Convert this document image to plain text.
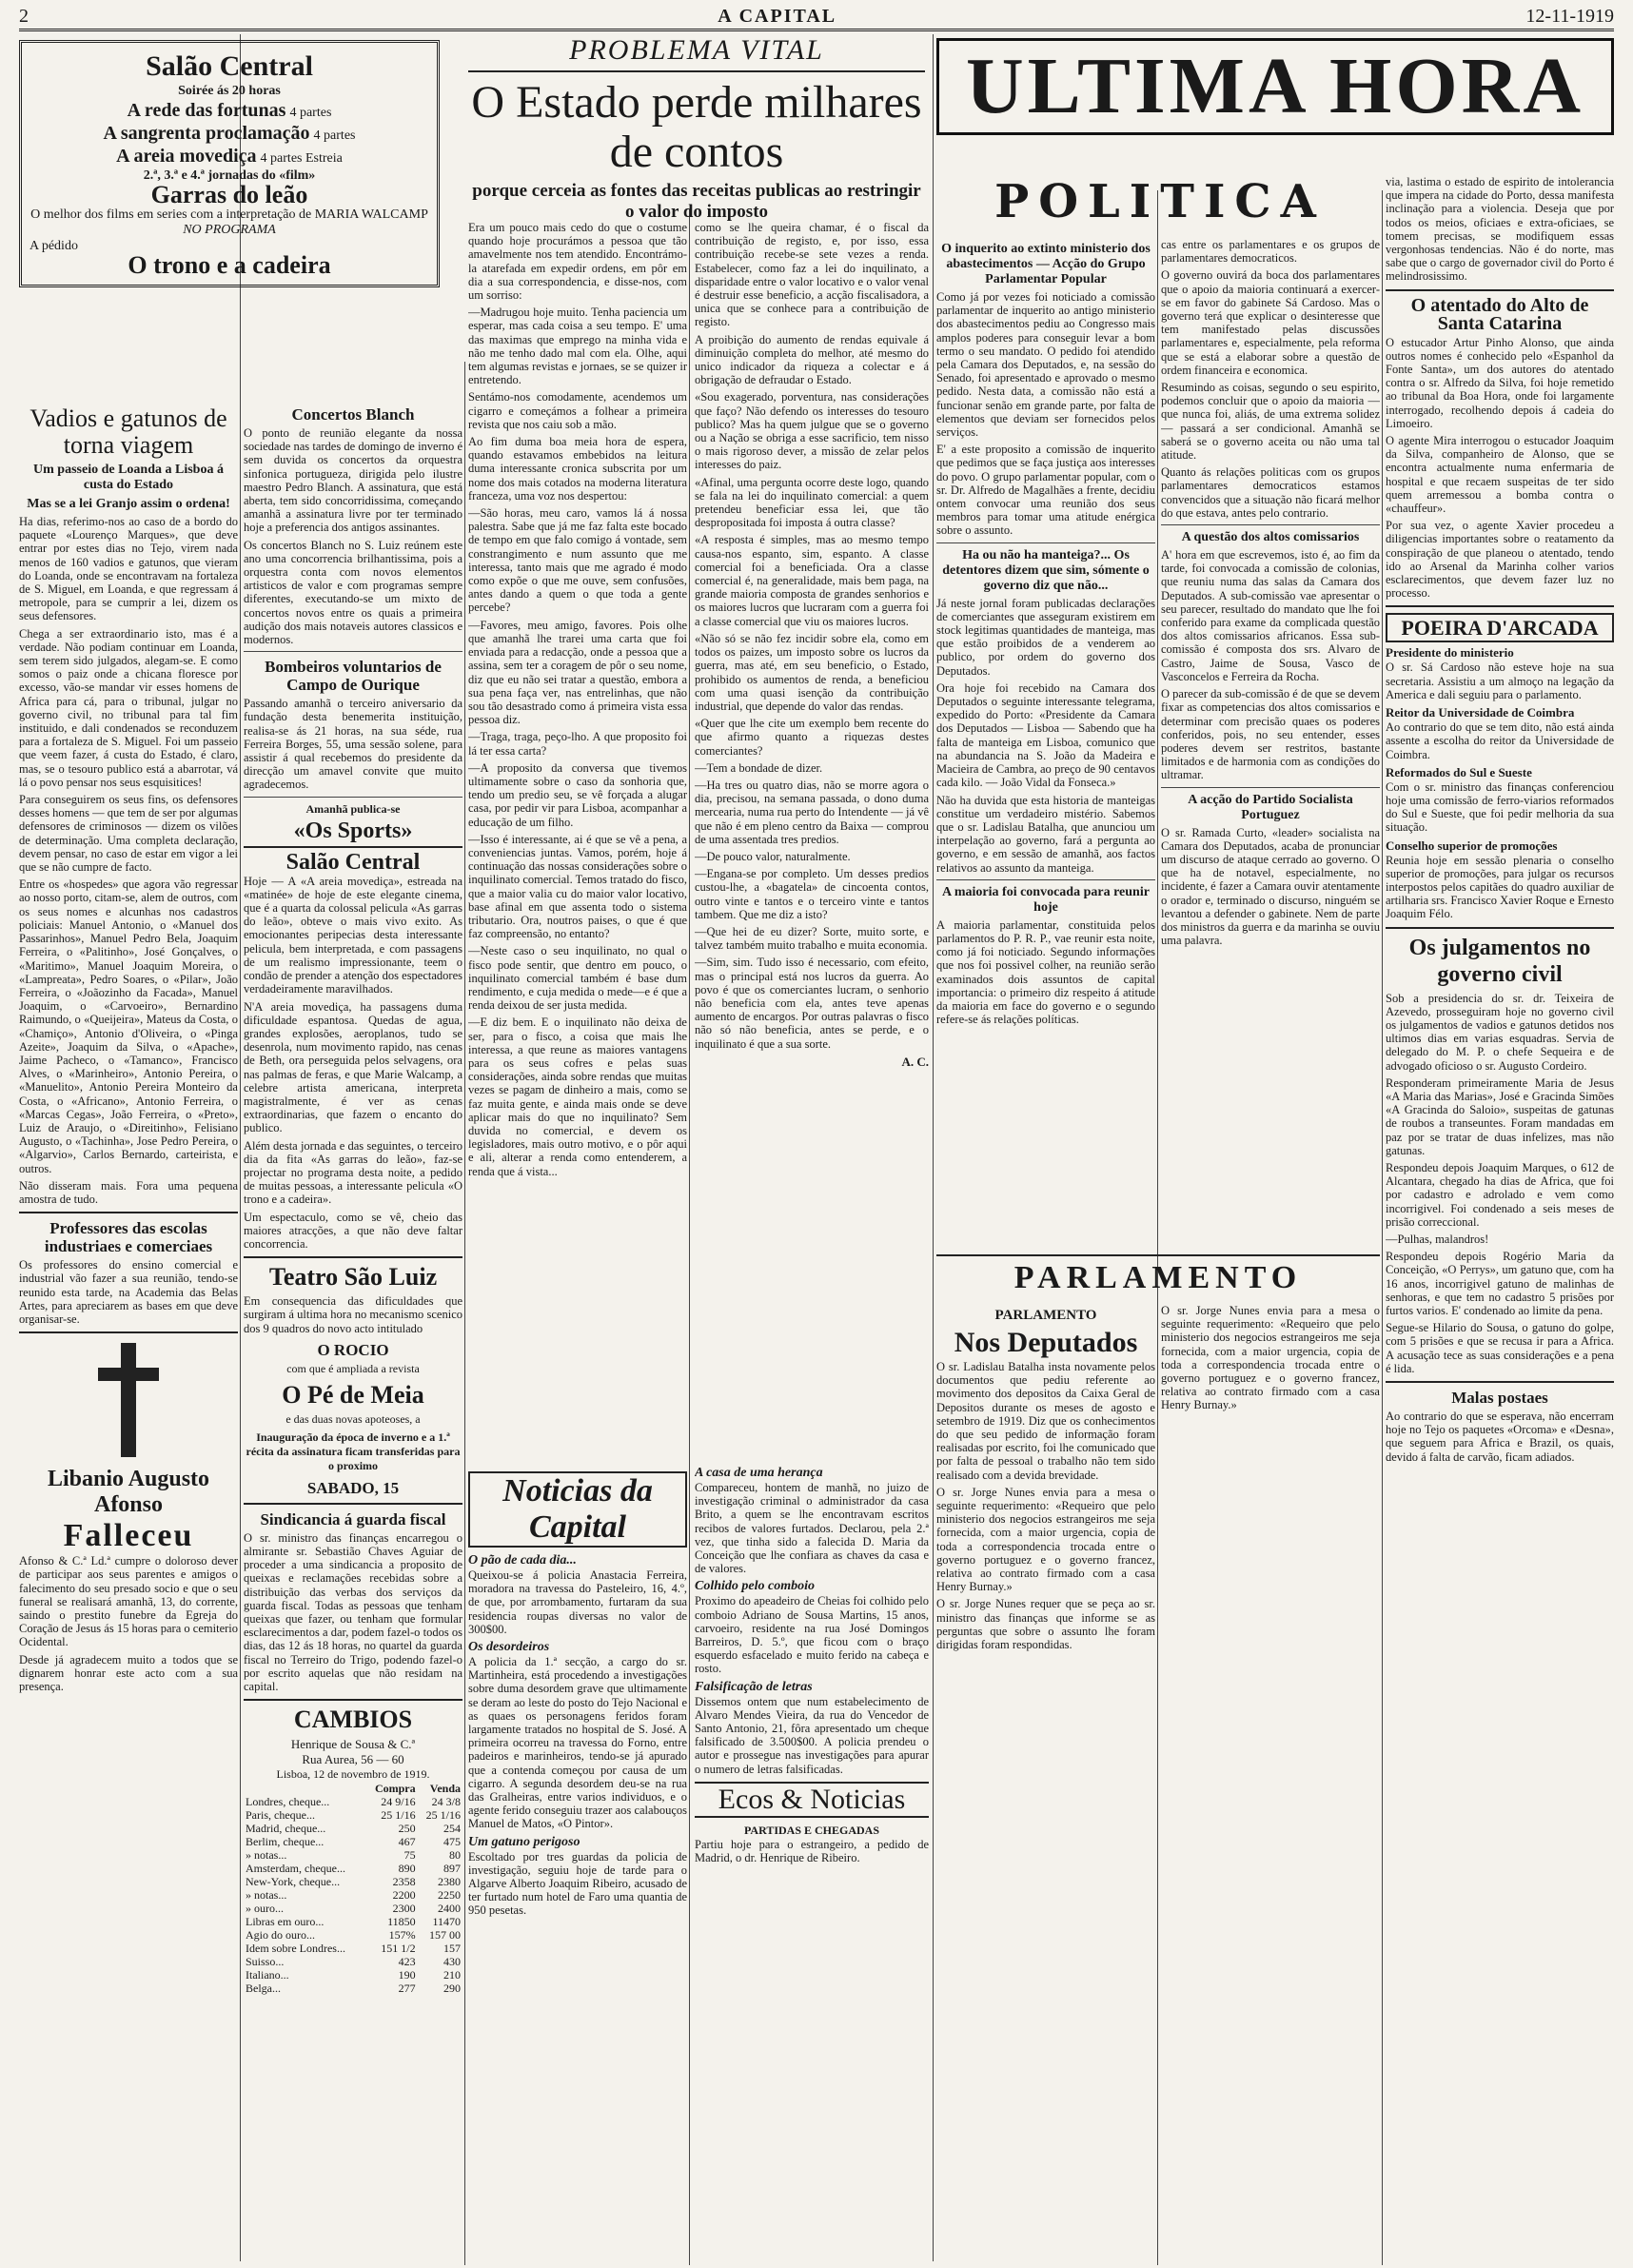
2	A CAPITAL	12-11-1919
Salão Central
Soirée ás 20 horas
A rede das fortunas 4 partes
A sangrenta proclamação 4 partes
A areia movediça 4 partes Estreia
2.ª, 3.ª e 4.ª jornadas do «film»
Garras do leão
O melhor dos films em series com a interpretação de MARIA WALCAMP
NO PROGRAMA
A pédido
O trono e a cadeira
Vadios e gatunos de torna viagem
Um passeio de Loanda a Lisboa á custa do Estado
Mas se a lei Granjo assim o ordena!

Ha dias, referimo-nos ao caso de a bordo do paquete «Lourenço Marques», que deve entrar por estes dias no Tejo, virem nada menos de 160 vadios e gatunos, que vieram do Loanda, onde se encontravam na fortaleza de S. Miguel, em Loanda, e que regressam á metropole, para se cumprir a lei, dizem os seus defensores.

Chega a ser extraordinario isto, mas é a verdade. Não podiam continuar em Loanda, sem terem sido julgados, alegam-se. E como somos o paiz onde a chicana floresce por excesso, vão-se mandar vir esses homens de Africa para cá, para o tribunal, julgar no governo civil, no tribunal para tal fim instituido, e dali condenados se reconduzem para a fortaleza de S. Miguel. Foi um passeio que veem fazer, á custa do Estado, é claro, mas, se o tesouro publico está a abarrotar, vá lá o povo pensar nos seus esquisitices!

Para conseguirem os seus fins, os defensores desses homens — que tem de ser por algumas defensores de criminosos — dizem os vilões de determinação. Uma completa declaração, devem pensar, no caso de estar em vigor a lei que se não cumpre de facto.

Entre os «hospedes» que agora vão regressar ao nosso porto, citam-se, alem de outros, com os seus nomes e alcunhas nos cadastros policiais: Manuel Antonio, o «Manuel dos Passarinhos», Manuel Pedro Bela, Joaquim Ferreira, o «Palitinho», José Gonçalves, o «Maritimo», Manuel Joaquim Moreira, o «Lampreata», Pedro Soares, o «Pilar», João Ferreira, o «Joãozinho da Facada», Manuel Joaquim, o «Carvoeiro», Bernardino Raimundo, o «Queijeira», Mateus da Costa, o «Chamiço», Antonio d'Oliveira, o «Pinga Azeite», Joaquim da Silva, o «Apache», Jaime Pacheco, o «Tamanco», Francisco Alves, o «Marinheiro», Antonio Pereira, o «Manuelito», Antonio Pereira Monteiro da Costa, o «Africano», Antonio Ferreira, o «Marcas Cegas», João Ferreira, o «Preto», Luiz de Araujo, o «Direitinho», Felisiano Augusto, o «Tachinha», Jose Pedro Pereira, o «Algarvio», Carlos Bernardo, carteirista, e outros.

Não disseram mais. Fora uma pequena amostra de tudo.

Professores das escolas industriaes e comerciaes

Os professores do ensino comercial e industrial vão fazer a sua reunião, tendo-se reunido esta tarde, na Academia das Belas Artes, para apreciarem as bases em que deve organisar-se.

Libanio Augusto Afonso
Falleceu

Afonso & C.ª Ld.ª cumpre o doloroso dever de participar aos seus parentes e amigos o falecimento do seu presado socio e que o seu funeral se realisará amanhã, 13, do corrente, saindo o prestito funebre da Egreja do Coração de Jesus ás 15 horas para o cemiterio Ocidental.

Desde já agradecem muito a todos que se dignarem honrar este acto com a sua presença.

Concertos Blanch

O ponto de reunião elegante da nossa sociedade nas tardes de domingo de inverno é sem duvida os concertos da orquestra sinfonica portugueza, dirigida pelo ilustre maestro Pedro Blanch. A assinatura, que está aberta, tem sido concorridissima, começando amanhã a assinatura livre por ter terminado hoje a preferencia dos antigos assinantes.

Os concertos Blanch no S. Luiz reúnem este ano uma concorrencia brilhantissima, pois a orquestra conta com novos elementos artisticos de valor e com programas sempre diferentes, executando-se um mixto de concertos novos entre os quais a primeira audição dos mais notaveis autores classicos e modernos.

Bombeiros voluntarios de Campo de Ourique

Passando amanhã o terceiro aniversario da fundação desta benemerita instituição, realisa-se ás 21 horas, na sua séde, rua Ferreira Borges, 55, uma sessão solene, para assistir á qual recebemos do presidente da direcção um amavel convite que muito agradecemos.

Amanhã publica-se
«Os Sports»
Salão Central

Hoje — A «A areia movediça», estreada na «matinée» de hoje de este elegante cinema, que é a quarta da colossal pelicula «As garras do leão», obteve o mais vivo exito. As emocionantes peripecias desta interessante pelicula, bem interpretada, e com passagens de um realismo impressionante, teem o condão de prender a atenção dos espectadores verdadeiramente maravilhados.

N'A areia movediça, ha passagens duma dificuldade espantosa. Quedas de agua, grandes explosões, aeroplanos, tudo se desenrola, num movimento rapido, nas cenas de Beth, ora perseguida pelos selvagens, ora nas palmas de feras, e que Marie Walcamp, a celebre artista americana, interpreta magistralmente, é ver as cenas extraordinarias, que fazem o encanto do publico.

Além desta jornada e das seguintes, o terceiro dia da fita «As garras do leão», faz-se projectar no programa desta noite, a pedido de muitas pessoas, a interessante pelicula «O trono e a cadeira».

Um espectaculo, como se vê, cheio das maiores atracções, a que não deve faltar concorrencia.

Teatro São Luiz

Em consequencia das dificuldades que surgiram á ultima hora no mecanismo scenico dos 9 quadros do novo acto intitulado

O ROCIO
com que é ampliada a revista
O Pé de Meia
e das duas novas apoteoses, a
Inauguração da época de inverno e a 1.ª récita da assinatura ficam transferidas para o proximo
SABADO, 15
Sindicancia á guarda fiscal

O sr. ministro das finanças encarregou o almirante sr. Sebastião Chaves Aguiar de proceder a uma sindicancia a proposito de queixas e reclamações recebidas sobre a distribuição das verbas dos serviços da guarda fiscal. Todas as pessoas que tenham queixas que fazer, ou tenham que formular esclarecimentos a dar, podem fazel-o todos os dias, das 12 ás 18 horas, no quartel da guarda fiscal no Terreiro do Trigo, podendo fazel-o por escrito aquelas que não residam na capital.

CAMBIOS
Henrique de Sousa & C.ª
Rua Aurea, 56 — 60
Lisboa, 12 de novembro de 1919.
	Compra	Venda
Londres, cheque...	24 9/16	24 3/8
Paris, cheque...	25 1/16	25 1/16
Madrid, cheque...	250	254
Berlim, cheque...	467	475
» notas...	75	80
Amsterdam, cheque...	890	897
New-York, cheque...	2358	2380
» notas...	2200	2250
» ouro...	2300	2400
Libras em ouro...	11850	11470
Agio do ouro...	157%	157 00
Idem sobre Londres...	151 1/2	157
Suisso...	423	430
Italiano...	190	210
Belga...	277	290
PROBLEMA VITAL
O Estado perde milhares de contos
porque cerceia as fontes das receitas publicas ao restringir o valor do imposto

Era um pouco mais cedo do que o costume quando hoje procurámos a pessoa que tão amavelmente nos tem atendido. Encontrámo-la atarefada em expedir ordens, em pôr em dia a sua correspondencia, e disse-nos, com um sorriso:

—Madrugou hoje muito. Tenha paciencia um esperar, mas cada coisa a seu tempo. E' uma das maximas que emprego na minha vida e não me tenho dado mal com ela. Olhe, aqui tem algumas revistas e jornaes, se se quizer ir entretendo.

Sentámo-nos comodamente, acendemos um cigarro e começámos a folhear a primeira revista que nos caiu sob a mão.

Ao fim duma boa meia hora de espera, quando estavamos embebidos na leitura duma interessante cronica subscrita por um nome dos mais cotados na moderna literatura franceza, uma voz nos despertou:

—São horas, meu caro, vamos lá á nossa palestra. Sabe que já me faz falta este bocado de tempo em que falo comigo á vontade, sem constrangimento e num assunto que me interessa, tanto mais que me agrado é modo como expõe o que me ouve, sem confusões, antes dando a quem o que toda a gente percebe?

—Favores, meu amigo, favores. Pois olhe que amanhã lhe trarei uma carta que foi enviada para a redacção, onde a pessoa que a assina, sem ter a coragem de pôr o seu nome, diz que eu não sei tratar a questão, embora a sua pena faça ver, nas entrelinhas, que não sou tão desastrado como á primeira vista essa pessoa diz.

—Traga, traga, peço-lho. A que proposito foi lá ter essa carta?

—A proposito da conversa que tivemos ultimamente sobre o caso da sonhoria que, tendo um predio seu, se vê forçada a alugar casa, por pedir vir para Lisboa, acompanhar a educação de um filho.

—Isso é interessante, ai é que se vê a pena, a conveniencias juntas. Vamos, porém, hoje á continuação das nossas considerações sobre o inquilinato comercial. Temos tratado do fisco, que a maior valia cu do maior valor locativo, base afinal em que assenta todo o sistema tributario. Ora, noutros paises, o que é que faz compreensão, no entanto?

—Neste caso o seu inquilinato, no qual o fisco pode sentir, que dentro em pouco, o inquilinato comercial também é base dum rendimento, e cuja medida o mede—e é que a renda deixou de ser justa medida.

—E diz bem. E o inquilinato não deixa de ser, para o fisco, a coisa que mais lhe interessa, a que reune as maiores vantagens para os seus cofres e pelas suas considerações, ainda sobre rendas que muitas vezes se pagam de dinheiro a mais, como se faz muita gente, e ainda mais onde se deve aplicar mais do que no inquilinato? Sem duvida no comercial, e devem os legisladores, mais outro motivo, e o pôr aqui e ali, alterar a renda como entenderem, a renda que á vista...

como se lhe queira chamar, é o fiscal da contribuição de registo, e, por isso, essa contribuição recebe-se sete vezes a renda. Estabelecer, como faz a lei do inquilinato, a disparidade entre o valor locativo e o valor venal é destruir esse beneficio, a acção fiscalisadora, a unica que se conhece para a contribuição de registo.

A proibição do aumento de rendas equivale á diminuição completa do melhor, até mesmo do unico indicador da riqueza a colectar e á obrigação de defraudar o Estado.

«Sou exagerado, porventura, nas considerações que faço? Não defendo os interesses do tesouro publico? Mas ha quem julgue que se o governo ou a Nação se obriga a esse sacrificio, tem nisso o mais rigoroso dever, a missão de zelar pelos interesses do paiz.

«Afinal, uma pergunta ocorre deste logo, quando se fala na lei do inquilinato comercial: a quem pretendeu beneficiar essa lei, que tão despropositada foi imposta á outra classe?

«A resposta é simples, mas ao mesmo tempo causa-nos espanto, sim, espanto. A classe comercial foi a beneficiada. Ora a classe comercial é, na generalidade, mais bem paga, na grande maioria composta de grandes senhorios e os maiores lucros que lucraram com a guerra foi a classe comercial que viu os maiores lucros.

«Não só se não fez incidir sobre ela, como em todos os paizes, um imposto sobre os lucros da guerra, mas até, em seu beneficio, o Estado, prohibido os aumentos de renda, a beneficiou com uma quasi isenção da contribuição industrial, que depende do valor das rendas.

«Quer que lhe cite um exemplo bem recente do que afirmo quanto a riquezas destes comerciantes?

—Tem a bondade de dizer.

—Ha tres ou quatro dias, não se morre agora o dia, precisou, na semana passada, o dono duma mercearia, numa rua perto do Intendente — já vê que não é em pleno centro da Baixa — comprou de uma assentada tres predios.

—De pouco valor, naturalmente.

—Engana-se por completo. Um desses predios custou-lhe, a «bagatela» de cincoenta contos, outro vinte e tantos e o terceiro vinte e tantos tambem. Que me diz a isto?

—Que hei de eu dizer? Sorte, muito sorte, e talvez também muito trabalho e muita economia.

—Sim, sim. Tudo isso é necessario, com efeito, mas o principal está nos lucros da guerra. Ao povo é que os comerciantes lucram, o senhorio não beneficia com ela, antes teve apenas aumento de encargos. Por outras palavras o fisco não só não beneficia, antes se perde, e o inquilinato é que a sua sorte.

A. C.
Noticias da Capital
O pão de cada dia...

Queixou-se á policia Anastacia Ferreira, moradora na travessa do Pasteleiro, 16, 4.º, de que, por arrombamento, furtaram da sua residencia roupas diversas no valor de 300$00.

Os desordeiros

A policia da 1.ª secção, a cargo do sr. Martinheira, está procedendo a investigações sobre duma desordem grave que ultimamente se deram ao leste do posto do Tejo Nacional e as quaes os personagens feridos foram largamente tratados no hospital de S. José. A primeira ocorreu na travessa do Forno, entre padeiros e marinheiros, tendo-se já apurado que a contenda começou por causa de um cigarro. A segunda desordem deu-se na rua das Gralheiras, entre varios individuos, e o agente ferido conseguiu trazer aos calabouços Manuel de Matos, «O Pintor».

Um gatuno perigoso

Escoltado por tres guardas da policia de investigação, seguiu hoje de tarde para o Algarve Alberto Joaquim Ribeiro, acusado de ter furtado num hotel de Faro uma quantia de 950 pesetas.

A casa de uma herança

Compareceu, hontem de manhã, no juizo de investigação criminal o administrador da casa Brito, a quem se lhe encontravam escritos recibos de valores furtados. Declarou, pela 2.ª vez, que tinha sido a falecida D. Maria da Conceição que lhe confiara as chaves da casa e de valores.

Colhido pelo comboio

Proximo do apeadeiro de Cheias foi colhido pelo comboio Adriano de Sousa Martins, 15 anos, carvoeiro, residente na rua José Domingos Barreiros, D. 5.º, que ficou com o braço esquerdo esfacelado e muito ferido na cabeça e rosto.

Falsificação de letras

Dissemos ontem que num estabelecimento de Alvaro Mendes Vieira, da rua do Vencedor de Santo Antonio, 21, fôra apresentado um cheque falsificado de 3.500$00. A policia prendeu o autor e prossegue nas investigações para apurar o numero de letras falsificadas.

Ecos & Noticias
PARTIDAS E CHEGADAS

Partiu hoje para o estrangeiro, a pedido de Madrid, o dr. Henrique de Ribeiro.

ULTIMA HORA
POLITICA
O inquerito ao extinto ministerio dos abastecimentos — Acção do Grupo Parlamentar Popular

Como já por vezes foi noticiado a comissão parlamentar de inquerito ao antigo ministerio dos abastecimentos pediu ao Congresso mais amplos poderes para conseguir levar a bom termo o seu mandato. O pedido foi atendido pela Camara dos Deputados, e, na sessão do Senado, foi apresentado e aprovado o mesmo pedido. Nesta data, a comissão não está a funcionar senão em grande parte, por falta de elementos que deviam ser fornecidos pelos serviços.

E' a este proposito a comissão de inquerito que pedimos que se faça justiça aos interesses do povo. O grupo parlamentar popular, com o sr. Dr. Alfredo de Magalhães a frente, decidiu ontem convocar uma reunião dos seus membros para tomar uma atitude enérgica sobre o assunto.

Ha ou não ha manteiga?... Os detentores dizem que sim, sómente o governo diz que não...

Já neste jornal foram publicadas declarações de comerciantes que asseguram existirem em stock legitimas quantidades de manteiga, mas que estão proibidos de a venderem ao publico, por ordem do governo dos Deputados.

Ora hoje foi recebido na Camara dos Deputados o seguinte interessante telegrama, expedido do Porto: «Presidente da Camara dos Deputados — Lisboa — Sabendo que ha falta de manteiga em Lisboa, comunico que na abundancia na S. João da Madeira e Macieira de Cambra, ao preço de 90 centavos cada kilo. — João Vidal da Fonseca.»

Não ha duvida que esta historia de manteigas constitue um verdadeiro mistério. Sabemos que o sr. Ladislau Batalha, que anunciou um interpelação ao governo, fará a pergunta ao governo, e em sessão de amanhã, aos factos relativos ao assunto da manteiga.

A maioria foi convocada para reunir hoje

A maioria parlamentar, constituida pelos parlamentos do P. R. P., vae reunir esta noite, como já foi noticiado. Segundo informações que nos foi possivel colher, na reunião serão examinados dois assuntos de capital importancia: o primeiro diz respeito á atitude da maioria em face do governo e o segundo refere-se ás relações políticas.

cas entre os parlamentares e os grupos de parlamentares democraticos.

O governo ouvirá da boca dos parlamentares que o apoio da maioria continuará a exercer-se em favor do gabinete Sá Cardoso. Mas o governo terá que explicar o desinteresse que tem manifestado pelas discussões parlamentares e, especialmente, pela reforma que se está a elaborar sobre a questão de ordem financeira e economica.

Resumindo as coisas, segundo o seu espirito, podemos concluir que o apoio da maioria — que nunca foi, aliás, de uma extrema solidez — passará a ser condicional. Amanhã se saberá se o governo aceita ou não uma tal atitude.

Quanto ás relações politicas com os grupos parlamentares democraticos estamos convencidos que a situação não ficará melhor do que estava, antes pelo contrario.

A questão dos altos comissarios

A' hora em que escrevemos, isto é, ao fim da tarde, foi convocada a comissão de colonias, que reuniu numa das salas da Camara dos Deputados. A sub-comissão vae apresentar o seu parecer, resultado do mandato que lhe foi conferido para exame da complicada questão dos altos comissarios africanos. Essa sub-comissão é composta dos srs. Alvaro de Castro, Jaime de Sousa, Vasco de Vasconcelos e Ferreira da Rocha.

O parecer da sub-comissão é de que se devem fixar as competencias dos altos comissarios e determinar com precisão quaes os poderes conferidos, pois, no seu entender, esses poderes devem ser restritos, bastante limitados e de harmonia com as condições do ultramar.

A acção do Partido Socialista Portuguez

O sr. Ramada Curto, «leader» socialista na Camara dos Deputados, acaba de pronunciar um discurso de ataque cerrado ao governo. O que ha de notavel, especialmente, no incidente, é fazer a Camara ouvir atentamente o orador e, terminado o discurso, ninguém se levantou a defender o gabinete. Nem de parte dos ministros da guerra e da marinha se ouviu uma palavra.

PARLAMENTO
PARLAMENTO
Nos Deputados

O sr. Ladislau Batalha insta novamente pelos documentos que pediu referente ao movimento dos depositos da Caixa Geral de Depositos durante os meses de agosto e setembro de 1919. Diz que os conhecimentos do que seu pedido de informação foram realisadas por escrito, foi lhe comunicado que por falta de pessoal o trabalho não tem sido realisado com a devida brevidade.

O sr. Jorge Nunes envia para a mesa o seguinte requerimento: «Requeiro que pelo ministerio dos negocios estrangeiros me seja fornecida, com a maior urgencia, copia de toda a correspondencia trocada entre o governo portuguez e o governo francez, relativa ao contrato firmado com a casa Henry Burnay.»

O sr. Jorge Nunes requer que se peça ao sr. ministro das finanças que informe se as perguntas que sobre o assunto lhe foram dirigidas foram respondidas.

O sr. Jorge Nunes envia para a mesa o seguinte requerimento: «Requeiro que pelo ministerio dos negocios estrangeiros me seja fornecida, com a maior urgencia, copia de toda a correspondencia trocada entre o governo portuguez e o governo francez, relativa ao contrato firmado com a casa Henry Burnay.»

via, lastima o estado de espirito de intolerancia que impera na cidade do Porto, dessa manifesta inclinação para a violencia. Deseja que por todos os meios, oficiaes e extra-oficiaes, se tomem precisas, se modifiquem essas vergonhosas tendencias. Não é do norte, mas sabe que o cargo de governador civil do Porto é melindrosissimo.

O atentado do Alto de Santa Catarina

O estucador Artur Pinho Alonso, que ainda outros nomes é conhecido pelo «Espanhol da Fonte Santa», um dos autores do atentado contra o sr. Alfredo da Silva, foi hoje remetido ao tribunal da Boa Hora, onde foi largamente interrogado, recolhendo depois á cadeia do Limoeiro.

O agente Mira interrogou o estucador Joaquim da Silva, companheiro de Alonso, que se encontra actualmente numa enfermaria de hospital e que recaem suspeitas de ter sido quem arremessou a bomba contra o «chauffeur».

Por sua vez, o agente Xavier procedeu a diligencias importantes sobre o reatamento da conspiração de que planeou o atentado, tendo ido ao Arsenal da Marinha colher varios esclarecimentos, que devem fazer luz no processo.

POEIRA D'ARCADA
Presidente do ministerio

O sr. Sá Cardoso não esteve hoje na sua secretaria. Assistiu a um almoço na legação da America e dali seguiu para o parlamento.

Reitor da Universidade de Coimbra

Ao contrario do que se tem dito, não está ainda assente a escolha do reitor da Universidade de Coimbra.

Reformados do Sul e Sueste

Com o sr. ministro das finanças conferenciou hoje uma comissão de ferro-viarios reformados do Sul e Sueste, que foi pedir melhoria da sua situação.

Conselho superior de promoções

Reunia hoje em sessão plenaria o conselho superior de promoções, para julgar os recursos interpostos pelos capitães do quadro auxiliar de artilharia srs. Francisco Xavier Roque e Ernesto Joaquim Félo.

Os julgamentos no governo civil

Sob a presidencia do sr. dr. Teixeira de Azevedo, prosseguiram hoje no governo civil os julgamentos de vadios e gatunos detidos nos ultimos dias em varias esquadras. Servia de delegado do M. P. o chefe Sequeira e de advogado oficioso o sr. Augusto Cordeiro.

Responderam primeiramente Maria de Jesus «A Maria das Marias», José e Gracinda Simões «A Gracinda do Saloio», suspeitas de gatunas de roubos a transeuntes. Foram mandadas em paz por se tratar de duas infelizes, mas não gatunas.

Respondeu depois Joaquim Marques, o 612 de Alcantara, chegado ha dias de Africa, que foi por cadastro e adrolado e vem como incorrigivel. Foi condenado a seis meses de prisão correccional.

—Pulhas, malandros!

Respondeu depois Rogério Maria da Conceição, «O Perrys», um gatuno que, com ha 16 anos, incorrigivel gatuno de malinhas de senhoras, e que tem no cadastro 5 prisões por furtos varios. E' condenado ao limite da pena.

Segue-se Hilario do Sousa, o gatuno do golpe, com 5 prisões e que se recusa ir para a Africa. A acusação tece as suas considerações e a pena é lida.

Malas postaes

Ao contrario do que se esperava, não encerram hoje no Tejo os paquetes «Orcoma» e «Desna», que seguem para Africa e Brazil, os quais, devido á falta de carvão, ficam adiados.
